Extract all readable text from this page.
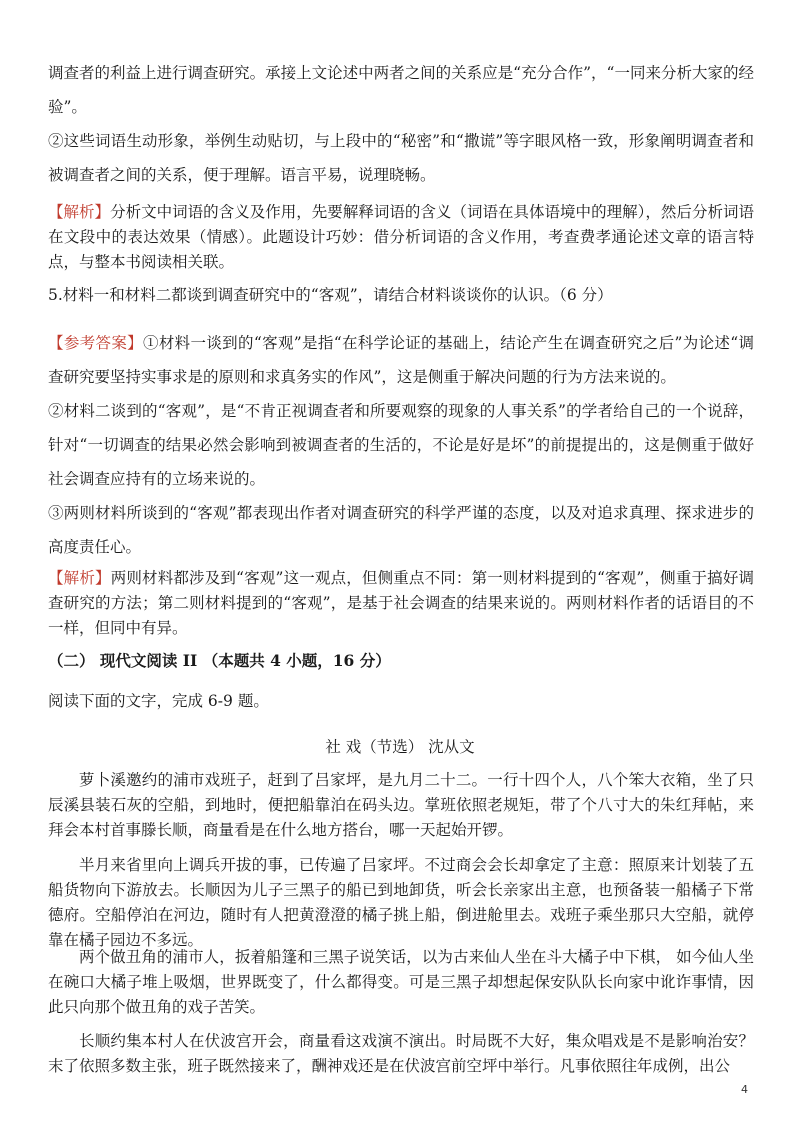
调查者的利益上进行调查研究。承接上文论述中两者之间的关系应是“充分合作”，“一同来分析大家的经验”。

②这些词语生动形象，举例生动贴切，与上段中的“秘密”和“撒谎”等字眼风格一致，形象阐明调查者和被调查者之间的关系，便于理解。语言平易，说理晓畅。

【解析】分析文中词语的含义及作用，先要解释词语的含义（词语在具体语境中的理解），然后分析词语在文段中的表达效果（情感）。此题设计巧妙：借分析词语的含义作用，考查费孝通论述文章的语言特点，与整本书阅读相关联。

5.材料一和材料二都谈到调查研究中的“客观”，请结合材料谈谈你的认识。（6 分）

【参考答案】①材料一谈到的“客观”是指“在科学论证的基础上，结论产生在调查研究之后”为论述“调查研究要坚持实事求是的原则和求真务实的作风”，这是侧重于解决问题的行为方法来说的。

②材料二谈到的“客观”，是“不肯正视调查者和所要观察的现象的人事关系”的学者给自己的一个说辞，针对“一切调查的结果必然会影响到被调查者的生活的，不论是好是坏”的前提提出的，这是侧重于做好社会调查应持有的立场来说的。

③两则材料所谈到的“客观”都表现出作者对调查研究的科学严谨的态度，以及对追求真理、探求进步的高度责任心。

【解析】两则材料都涉及到“客观”这一观点，但侧重点不同：第一则材料提到的“客观”，侧重于搞好调查研究的方法；第二则材料提到的“客观”，是基于社会调查的结果来说的。两则材料作者的话语目的不一样，但同中有异。

（二） 现代文阅读 II （本题共 4 小题，16 分）

阅读下面的文字，完成 6-9 题。

社 戏（节选） 沈从文

萝卜溪邀约的浦市戏班子，赶到了吕家坪，是九月二十二。一行十四个人，八个笨大衣箱，坐了只辰溪县装石灰的空船，到地时，便把船靠泊在码头边。掌班依照老规矩，带了个八寸大的朱红拜帖，来拜会本村首事滕长顺，商量看是在什么地方搭台，哪一天起始开锣。

半月来省里向上调兵开拔的事，已传遍了吕家坪。不过商会会长却拿定了主意：照原来计划装了五船货物向下游放去。长顺因为儿子三黑子的船已到地卸货，听会长亲家出主意，也预备装一船橘子下常德府。空船停泊在河边，随时有人把黄澄澄的橘子挑上船，倒进舱里去。戏班子乘坐那只大空船，就停靠在橘子园边不多远。

两个做丑角的浦市人，扳着船篷和三黑子说笑话，以为古来仙人坐在斗大橘子中下棋， 如今仙人坐在碗口大橘子堆上吸烟，世界既变了，什么都得变。可是三黑子却想起保安队队长向家中讹诈事情，因此只向那个做丑角的戏子苦笑。

长顺约集本村人在伏波宫开会，商量看这戏演不演出。时局既不大好，集众唱戏是不是影响治安？末了依照多数主张，班子既然接来了，酬神戏还是在伏波宫前空坪中举行。凡事依照往年成例，出公

4
